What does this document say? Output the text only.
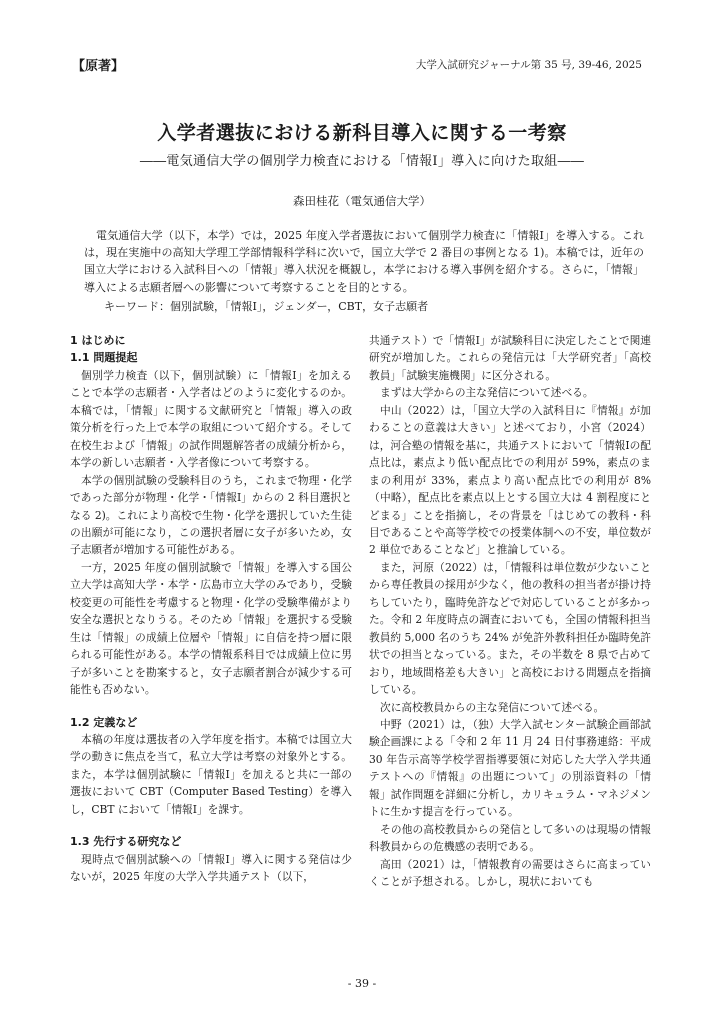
【原著】	大学入試研究ジャーナル第 35 号, 39-46, 2025
入学者選抜における新科目導入に関する一考察
――電気通信大学の個別学力検査における「情報Ⅰ」導入に向けた取組――
森田桂花（電気通信大学）

電気通信大学（以下，本学）では，2025 年度入学者選抜において個別学力検査に「情報Ⅰ」を導入する。これは，現在実施中の高知大学理工学部情報科学科に次いで，国立大学で 2 番目の事例となる 1)。本稿では，近年の国立大学における入試科目への「情報」導入状況を概観し，本学における導入事例を紹介する。さらに，「情報」導入による志願者層への影響について考察することを目的とする。

キーワード：個別試験，「情報Ⅰ」，ジェンダー，CBT，女子志願者
1 はじめに
1.1 問題提起

個別学力検査（以下，個別試験）に「情報Ⅰ」を加えることで本学の志願者・入学者はどのように変化するのか。本稿では，「情報」に関する文献研究と「情報」導入の政策分析を行った上で本学の取組について紹介する。そして在校生および「情報」の試作問題解答者の成績分析から，本学の新しい志願者・入学者像について考察する。

本学の個別試験の受験科目のうち，これまで物理・化学であった部分が物理・化学・「情報Ⅰ」からの 2 科目選択となる 2)。これにより高校で生物・化学を選択していた生徒の出願が可能になり，この選択者層に女子が多いため，女子志願者が増加する可能性がある。

一方，2025 年度の個別試験で「情報」を導入する国公立大学は高知大学・本学・広島市立大学のみであり，受験校変更の可能性を考慮すると物理・化学の受験準備がより安全な選択となりうる。そのため「情報」を選択する受験生は「情報」の成績上位層や「情報」に自信を持つ層に限られる可能性がある。本学の情報系科目では成績上位に男子が多いことを勘案すると，女子志願者割合が減少する可能性も否めない。

1.2 定義など

本稿の年度は選抜者の入学年度を指す。本稿では国立大学の動きに焦点を当て，私立大学は考察の対象外とする。また，本学は個別試験に「情報Ⅰ」を加えると共に一部の選抜において CBT（Computer Based Testing）を導入し，CBT において「情報Ⅰ」を課す。

1.3 先行する研究など

現時点で個別試験への「情報Ⅰ」導入に関する発信は少ないが，2025 年度の大学入学共通テスト（以下，

共通テスト）で「情報Ⅰ」が試験科目に決定したことで関連研究が増加した。これらの発信元は「大学研究者」「高校教員」「試験実施機関」に区分される。

まずは大学からの主な発信について述べる。

中山（2022）は，「国立大学の入試科目に『情報』が加わることの意義は大きい」と述べており，小宮（2024）は，河合塾の情報を基に，共通テストにおいて「情報Ⅰの配点比は，素点より低い配点比での利用が 59%，素点のままの利用が 33%，素点より高い配点比での利用が 8%（中略），配点比を素点以上とする国立大は 4 割程度にとどまる」ことを指摘し，その背景を「はじめての教科・科目であることや高等学校での授業体制への不安，単位数が 2 単位であることなど」と推論している。

また，河原（2022）は，「情報科は単位数が少ないことから専任教員の採用が少なく，他の教科の担当者が掛け持ちしていたり，臨時免許などで対応していることが多かった。令和 2 年度時点の調査においても，全国の情報科担当教員約 5,000 名のうち 24% が免許外教科担任か臨時免許状での担当となっている。また，その半数を 8 県で占めており，地域間格差も大きい」と高校における問題点を指摘している。

次に高校教員からの主な発信について述べる。

中野（2021）は，（独）大学入試センター試験企画部試験企画課による「令和 2 年 11 月 24 日付事務連絡：平成 30 年告示高等学校学習指導要領に対応した大学入学共通テストへの『情報』の出題について」の別添資料の「情報」試作問題を詳細に分析し，カリキュラム・マネジメントに生かす提言を行っている。

その他の高校教員からの発信として多いのは現場の情報科教員からの危機感の表明である。

高田（2021）は，「情報教育の需要はさらに高まっていくことが予想される。しかし，現状においても

- 39 -
